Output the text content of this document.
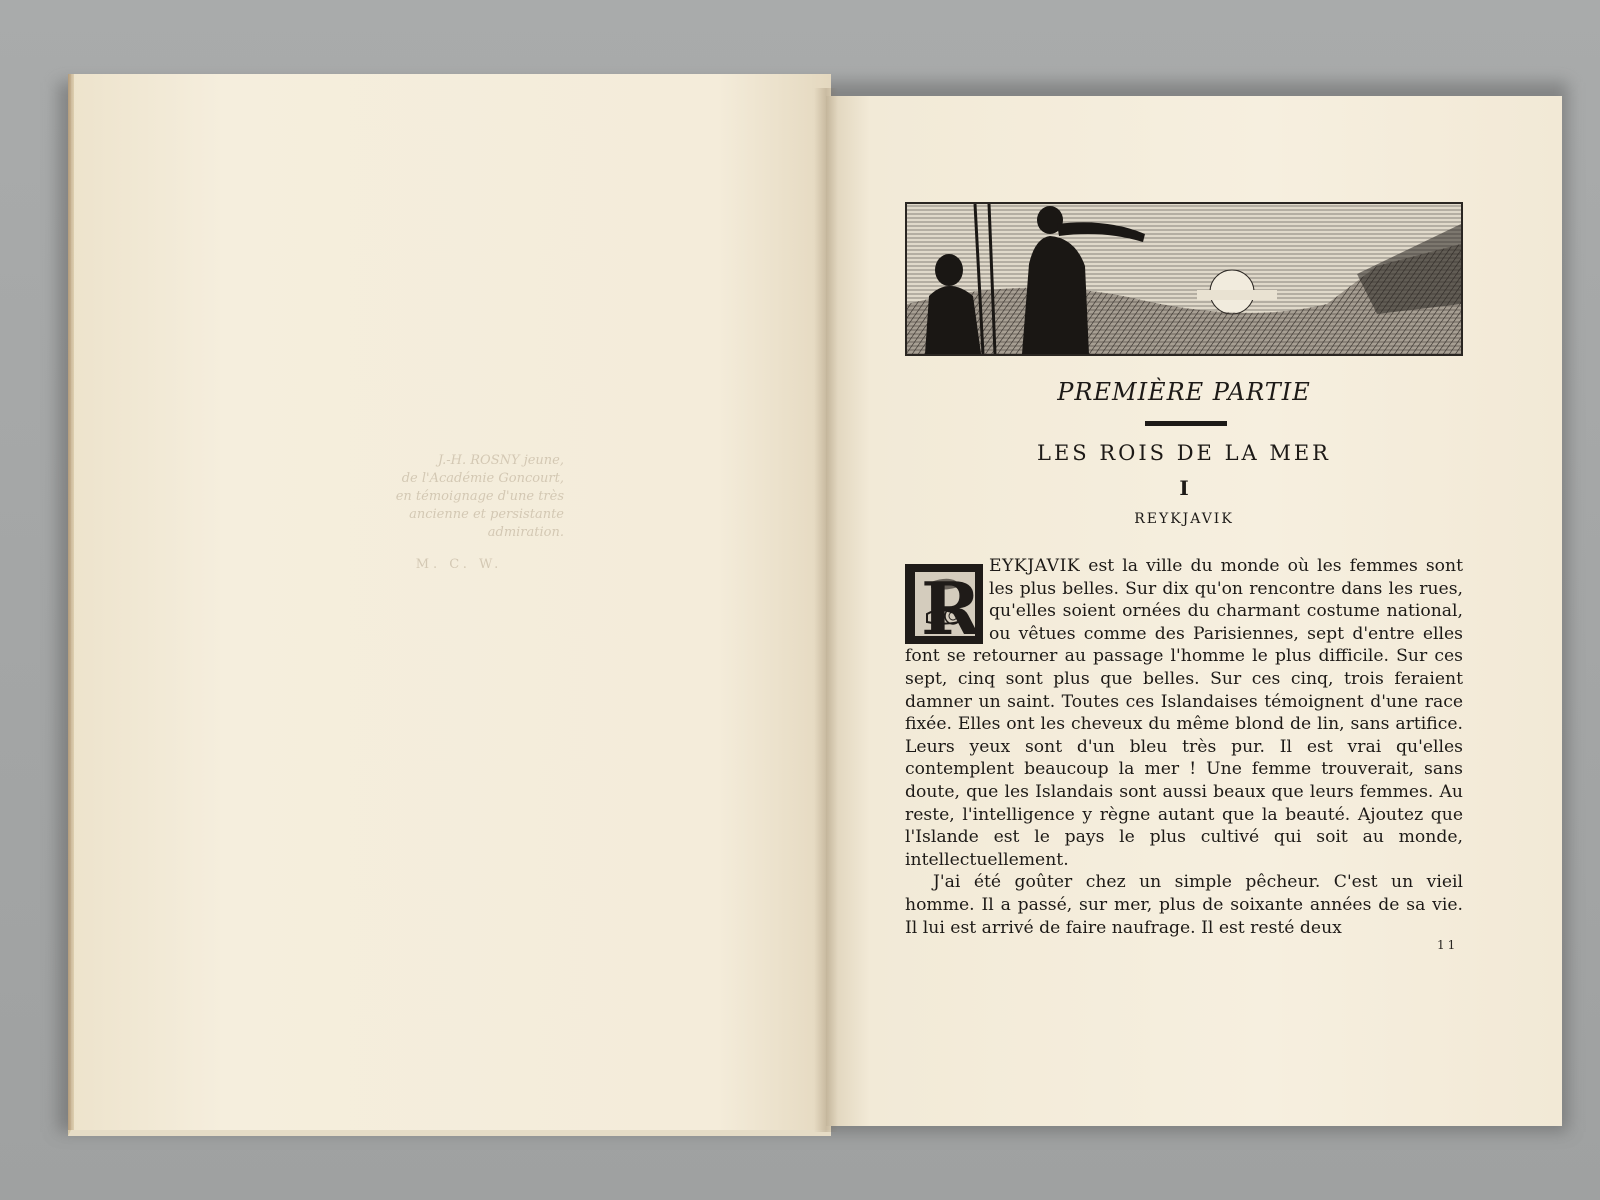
J.-H. ROSNY jeune,
de l'Académie Goncourt,
en témoignage d'une très
ancienne et persistante
admiration.
M. C. W.
PREMIÈRE PARTIE
LES ROIS DE LA MER
I
REYKJAVIK
R EYKJAVIK est la ville du monde où les femmes sont les plus belles. Sur dix qu'on rencontre dans les rues, qu'elles soient ornées du charmant costume national, ou vêtues comme des Parisiennes, sept d'entre elles font se retourner au passage l'homme le plus difficile. Sur ces sept, cinq sont plus que belles. Sur ces cinq, trois feraient damner un saint. Toutes ces Islandaises témoignent d'une race fixée. Elles ont les cheveux du même blond de lin, sans artifice. Leurs yeux sont d'un bleu très pur. Il est vrai qu'elles contemplent beaucoup la mer ! Une femme trouverait, sans doute, que les Islandais sont aussi beaux que leurs femmes. Au reste, l'intelligence y règne autant que la beauté. Ajoutez que l'Islande est le pays le plus cultivé qui soit au monde, intellectuellement.

J'ai été goûter chez un simple pêcheur. C'est un vieil homme. Il a passé, sur mer, plus de soixante années de sa vie. Il lui est arrivé de faire naufrage. Il est resté deux

11
